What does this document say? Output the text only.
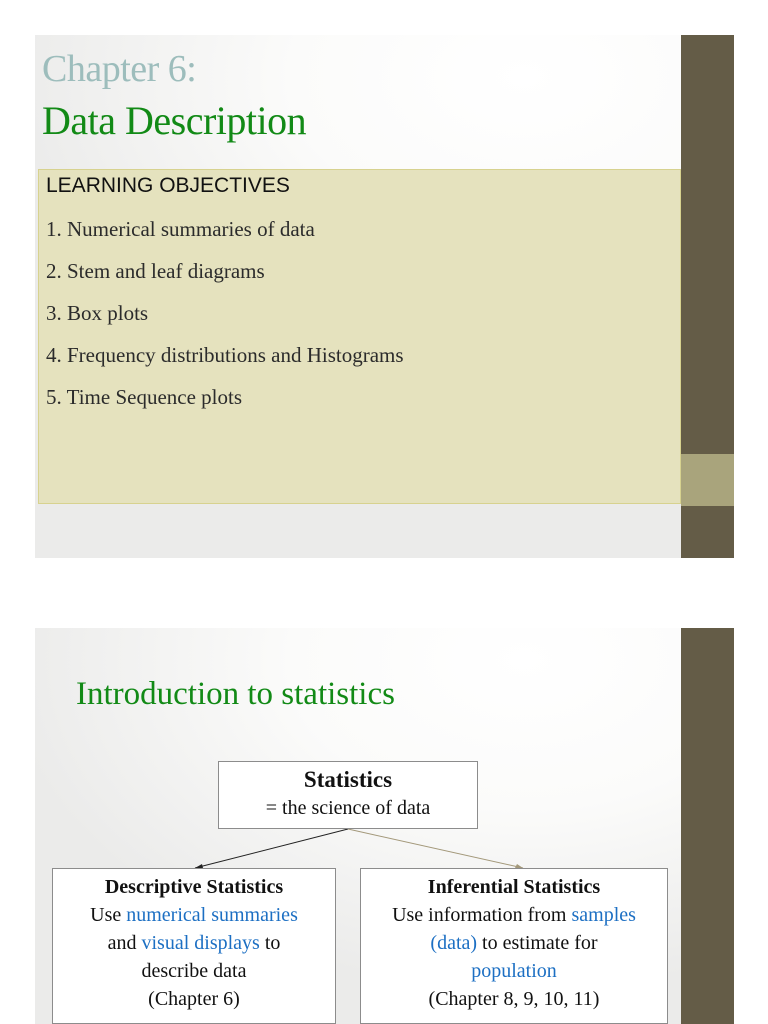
Chapter 6:
Data Description
LEARNING OBJECTIVES
1. Numerical summaries of data
2. Stem and leaf diagrams
3. Box plots
4. Frequency distributions and Histograms
5. Time Sequence plots
Introduction to statistics
Statistics
= the science of data
Descriptive Statistics
Use numerical summaries
and visual displays to
describe data
(Chapter 6)
Inferential Statistics
Use information from samples
(data) to estimate for
population
(Chapter 8, 9, 10, 11)
